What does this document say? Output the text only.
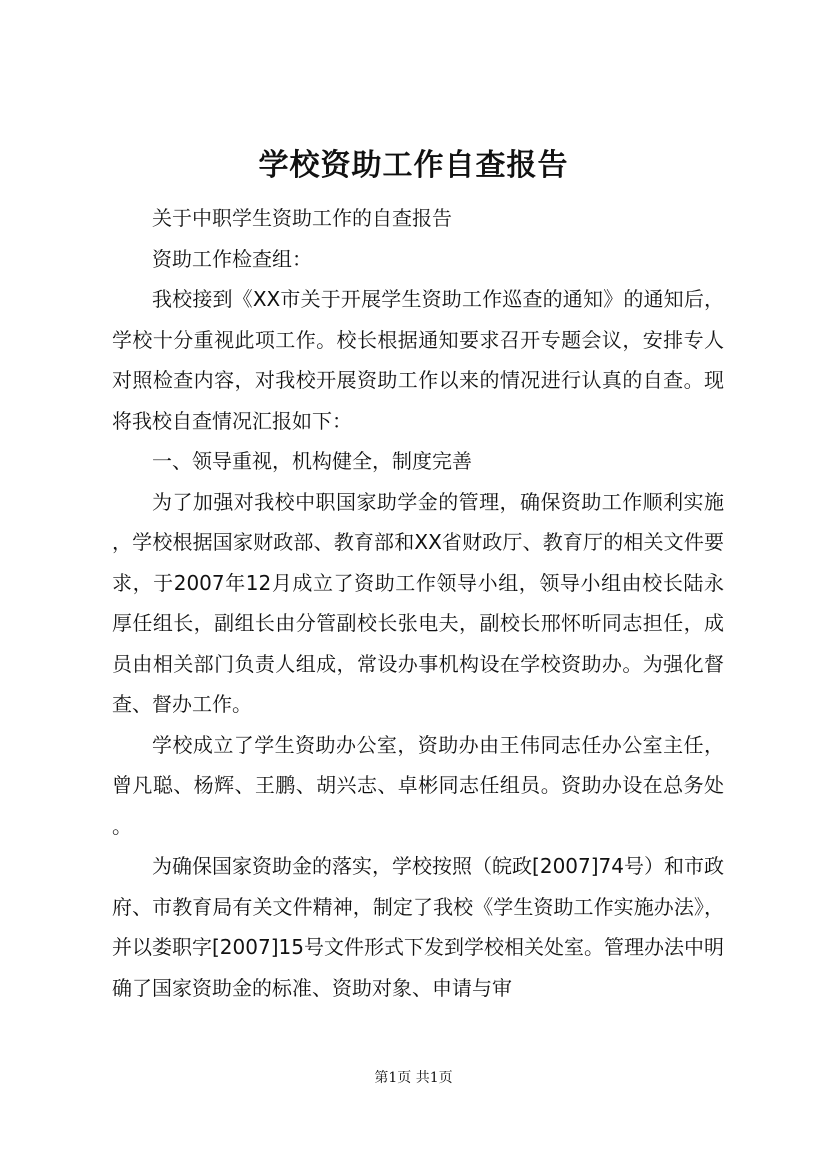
学校资助工作自查报告

关于中职学生资助工作的自查报告

资助工作检查组：

我校接到《XX市关于开展学生资助工作巡查的通知》的通知后，学校十分重视此项工作。校长根据通知要求召开专题会议，安排专人对照检查内容，对我校开展资助工作以来的情况进行认真的自查。现将我校自查情况汇报如下：

一、领导重视，机构健全，制度完善

为了加强对我校中职国家助学金的管理，确保资助工作顺利实施，学校根据国家财政部、教育部和XX省财政厅、教育厅的相关文件要求，于2007年12月成立了资助工作领导小组，领导小组由校长陆永厚任组长，副组长由分管副校长张电夫，副校长邢怀昕同志担任，成员由相关部门负责人组成，常设办事机构设在学校资助办。为强化督查、督办工作。

学校成立了学生资助办公室，资助办由王伟同志任办公室主任，曾凡聪、杨辉、王鹏、胡兴志、卓彬同志任组员。资助办设在总务处。

为确保国家资助金的落实，学校按照（皖政[2007]74号）和市政府、市教育局有关文件精神，制定了我校《学生资助工作实施办法》，并以娄职字[2007]15号文件形式下发到学校相关处室。管理办法中明确了国家资助金的标准、资助对象、申请与审

第1页 共1页
